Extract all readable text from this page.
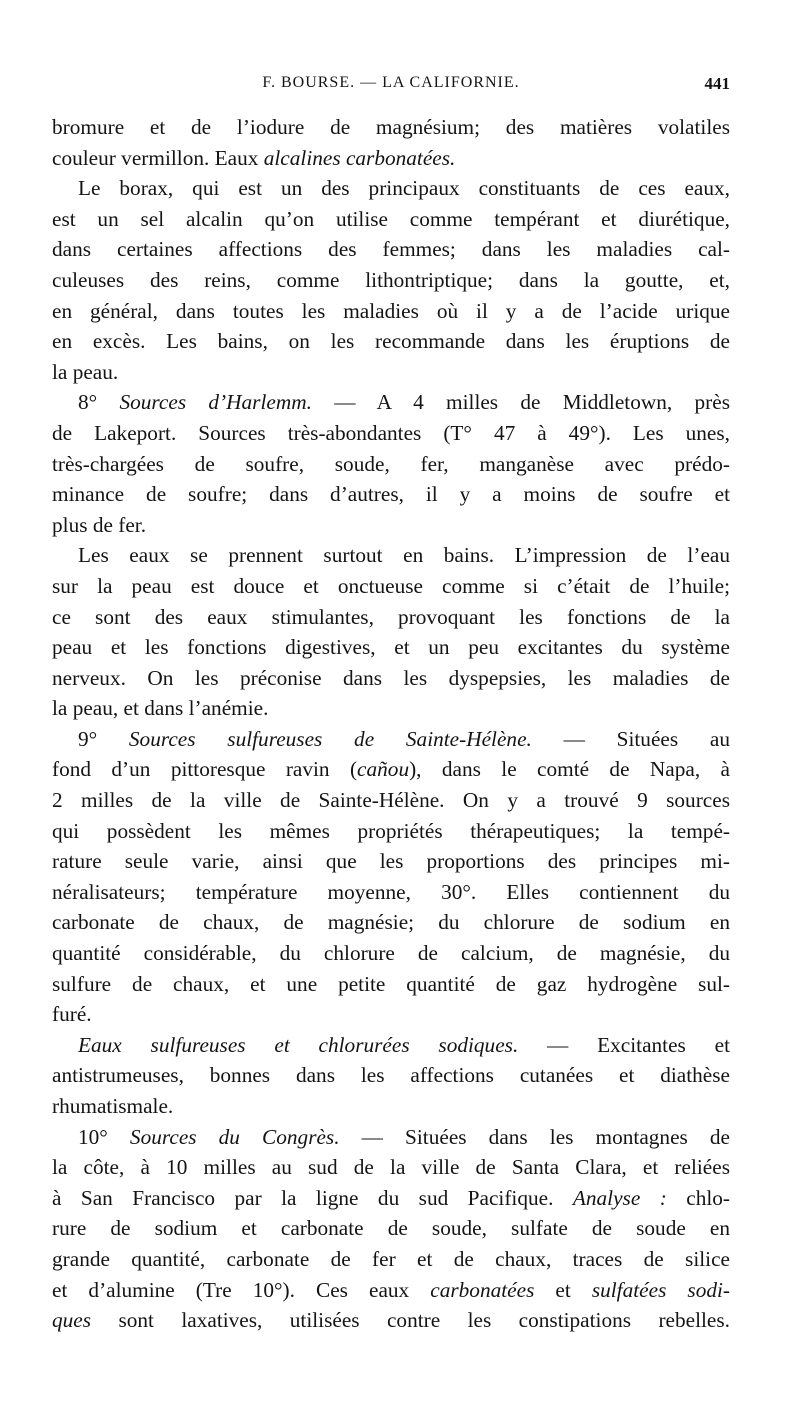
F. BOURSE. — LA CALIFORNIE.	441
bromure et de l’iodure de magnésium; des matières volatiles
couleur vermillon. Eaux alcalines carbonatées.
Le borax, qui est un des principaux constituants de ces eaux,
est un sel alcalin qu’on utilise comme tempérant et diurétique,
dans certaines affections des femmes; dans les maladies cal-
culeuses des reins, comme lithontriptique; dans la goutte, et,
en général, dans toutes les maladies où il y a de l’acide urique
en excès. Les bains, on les recommande dans les éruptions de
la peau.
8° Sources d’Harlemm. — A 4 milles de Middletown, près
de Lakeport. Sources très-abondantes (T° 47 à 49°). Les unes,
très-chargées de soufre, soude, fer, manganèse avec prédo-
minance de soufre; dans d’autres, il y a moins de soufre et
plus de fer.
Les eaux se prennent surtout en bains. L’impression de l’eau
sur la peau est douce et onctueuse comme si c’était de l’huile;
ce sont des eaux stimulantes, provoquant les fonctions de la
peau et les fonctions digestives, et un peu excitantes du système
nerveux. On les préconise dans les dyspepsies, les maladies de
la peau, et dans l’anémie.
9° Sources sulfureuses de Sainte-Hélène. — Situées au
fond d’un pittoresque ravin (cañou), dans le comté de Napa, à
2 milles de la ville de Sainte-Hélène. On y a trouvé 9 sources
qui possèdent les mêmes propriétés thérapeutiques; la tempé-
rature seule varie, ainsi que les proportions des principes mi-
néralisateurs; température moyenne, 30°. Elles contiennent du
carbonate de chaux, de magnésie; du chlorure de sodium en
quantité considérable, du chlorure de calcium, de magnésie, du
sulfure de chaux, et une petite quantité de gaz hydrogène sul-
furé.
Eaux sulfureuses et chlorurées sodiques. — Excitantes et
antistrumeuses, bonnes dans les affections cutanées et diathèse
rhumatismale.
10° Sources du Congrès. — Situées dans les montagnes de
la côte, à 10 milles au sud de la ville de Santa Clara, et reliées
à San Francisco par la ligne du sud Pacifique. Analyse : chlo-
rure de sodium et carbonate de soude, sulfate de soude en
grande quantité, carbonate de fer et de chaux, traces de silice
et d’alumine (Tre 10°). Ces eaux carbonatées et sulfatées sodi-
ques sont laxatives, utilisées contre les constipations rebelles.
